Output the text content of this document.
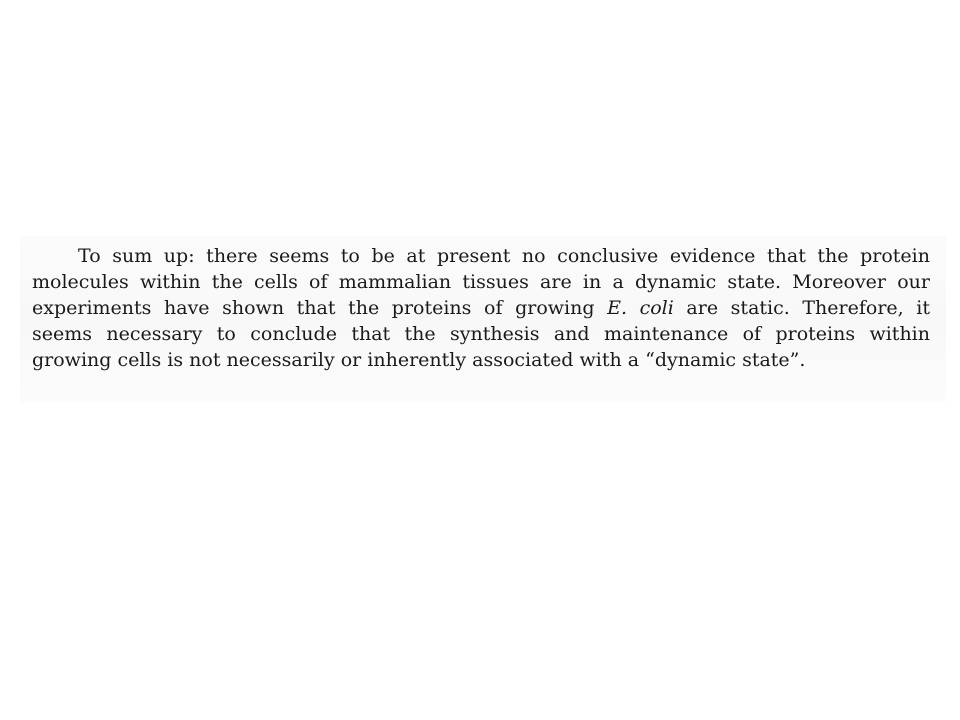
To sum up: there seems to be at present no conclusive evidence that the protein
molecules within the cells of mammalian tissues are in a dynamic state. Moreover our
experiments have shown that the proteins of growing E. coli are static. Therefore, it
seems necessary to conclude that the synthesis and maintenance of proteins within
growing cells is not necessarily or inherently associated with a “dynamic state”.
